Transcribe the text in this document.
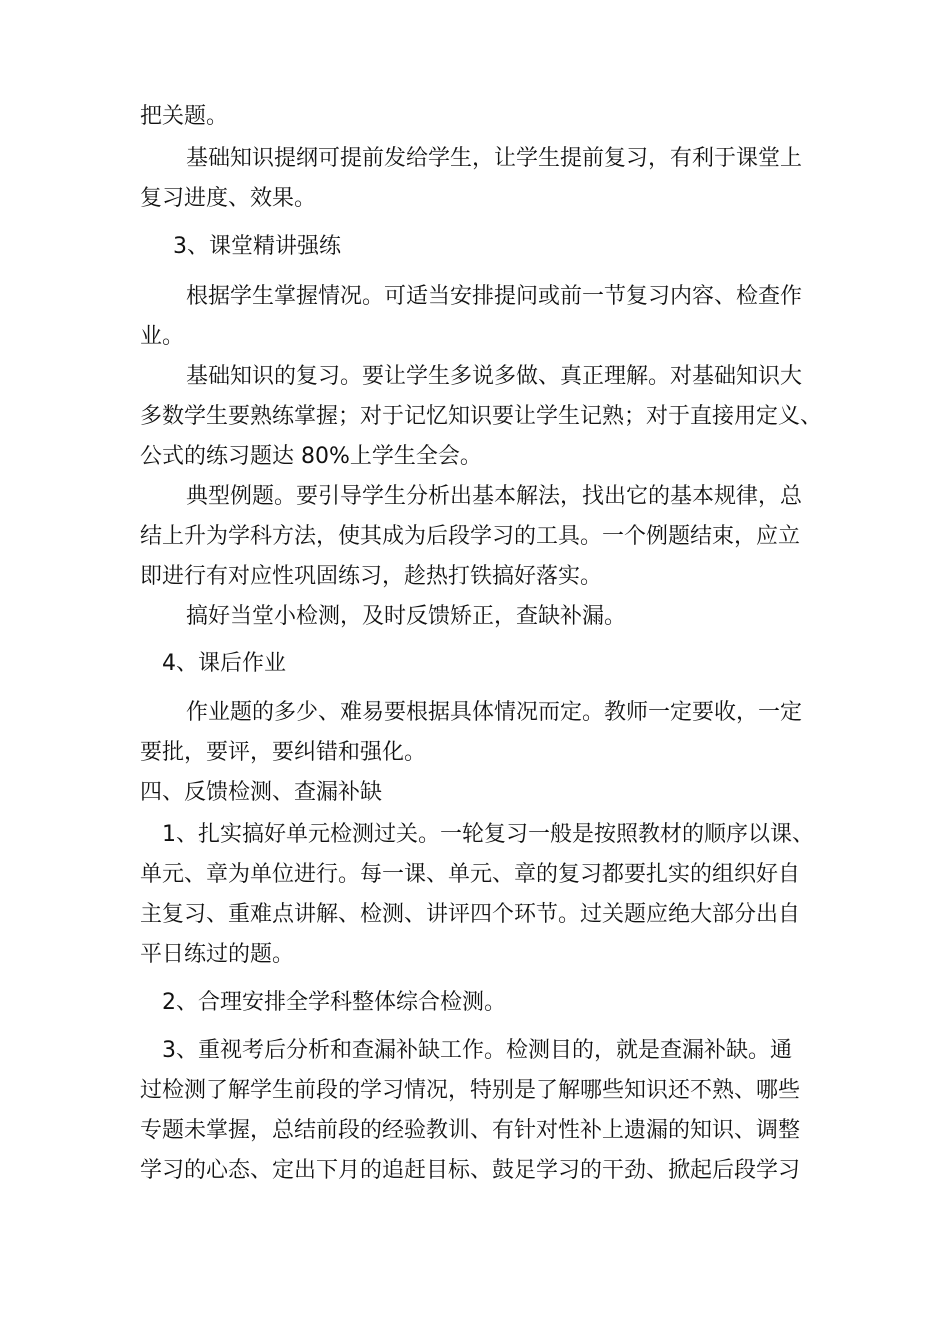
把关题。
基础知识提纲可提前发给学生，让学生提前复习，有利于课堂上
复习进度、效果。
3、课堂精讲强练
根据学生掌握情况。可适当安排提问或前一节复习内容、检查作
业。
基础知识的复习。要让学生多说多做、真正理解。对基础知识大
多数学生要熟练掌握；对于记忆知识要让学生记熟；对于直接用定义、
公式的练习题达 80%上学生全会。
典型例题。要引导学生分析出基本解法，找出它的基本规律，总
结上升为学科方法，使其成为后段学习的工具。一个例题结束，应立
即进行有对应性巩固练习，趁热打铁搞好落实。
搞好当堂小检测，及时反馈矫正，查缺补漏。
4、课后作业
作业题的多少、难易要根据具体情况而定。教师一定要收，一定
要批，要评，要纠错和强化。
四、反馈检测、查漏补缺
1、扎实搞好单元检测过关。一轮复习一般是按照教材的顺序以课、
单元、章为单位进行。每一课、单元、章的复习都要扎实的组织好自
主复习、重难点讲解、检测、讲评四个环节。过关题应绝大部分出自
平日练过的题。
2、合理安排全学科整体综合检测。
3、重视考后分析和查漏补缺工作。检测目的，就是查漏补缺。通
过检测了解学生前段的学习情况，特别是了解哪些知识还不熟、哪些
专题未掌握，总结前段的经验教训、有针对性补上遗漏的知识、调整
学习的心态、定出下月的追赶目标、鼓足学习的干劲、掀起后段学习
